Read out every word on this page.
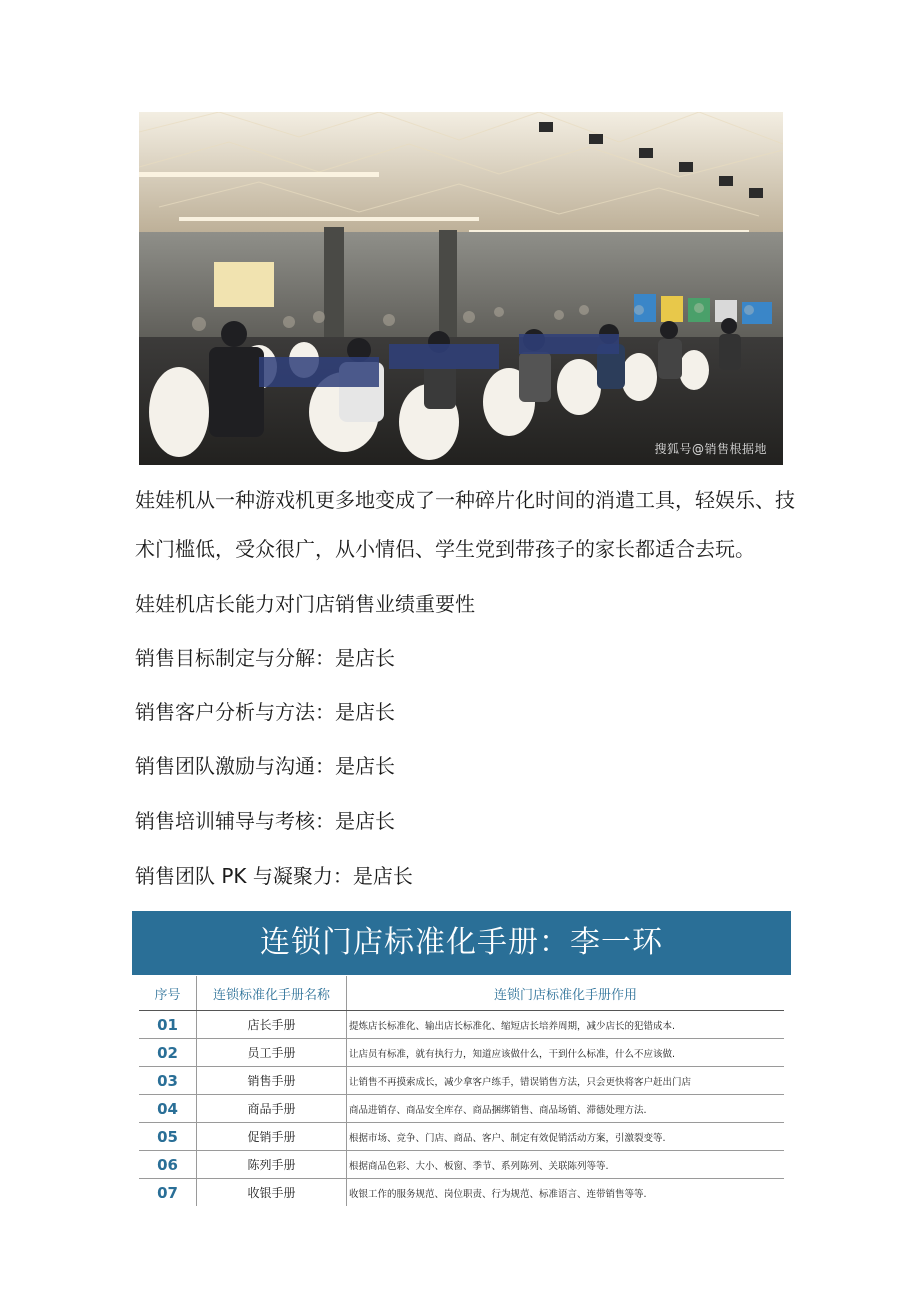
搜狐号@销售根据地

娃娃机从一种游戏机更多地变成了一种碎片化时间的消遣工具，轻娱乐、技术门槛低，受众很广，从小情侣、学生党到带孩子的家长都适合去玩。

娃娃机店长能力对门店销售业绩重要性
销售目标制定与分解：是店长
销售客户分析与方法：是店长
销售团队激励与沟通：是店长
销售培训辅导与考核：是店长
销售团队 PK 与凝聚力：是店长
连锁门店标准化手册：李一环
序号	连锁标准化手册名称	连锁门店标准化手册作用
01	店长手册	提炼店长标准化、输出店长标准化、缩短店长培养周期，减少店长的犯错成本.
02	员工手册	让店员有标准，就有执行力，知道应该做什么，干到什么标准，什么不应该做.
03	销售手册	让销售不再摸索成长，减少拿客户练手，错误销售方法，只会更快将客户赶出门店
04	商品手册	商品进销存、商品安全库存、商品捆绑销售、商品场销、滞德处理方法.
05	促销手册	根据市场、竞争、门店、商品、客户、制定有效促销活动方案，引激裂变等.
06	陈列手册	根据商品色彩、大小、板窗、季节、系列陈列、关联陈列等等.
07	收银手册	收银工作的服务规范、岗位职责、行为规范、标准语言、连带销售等等.
